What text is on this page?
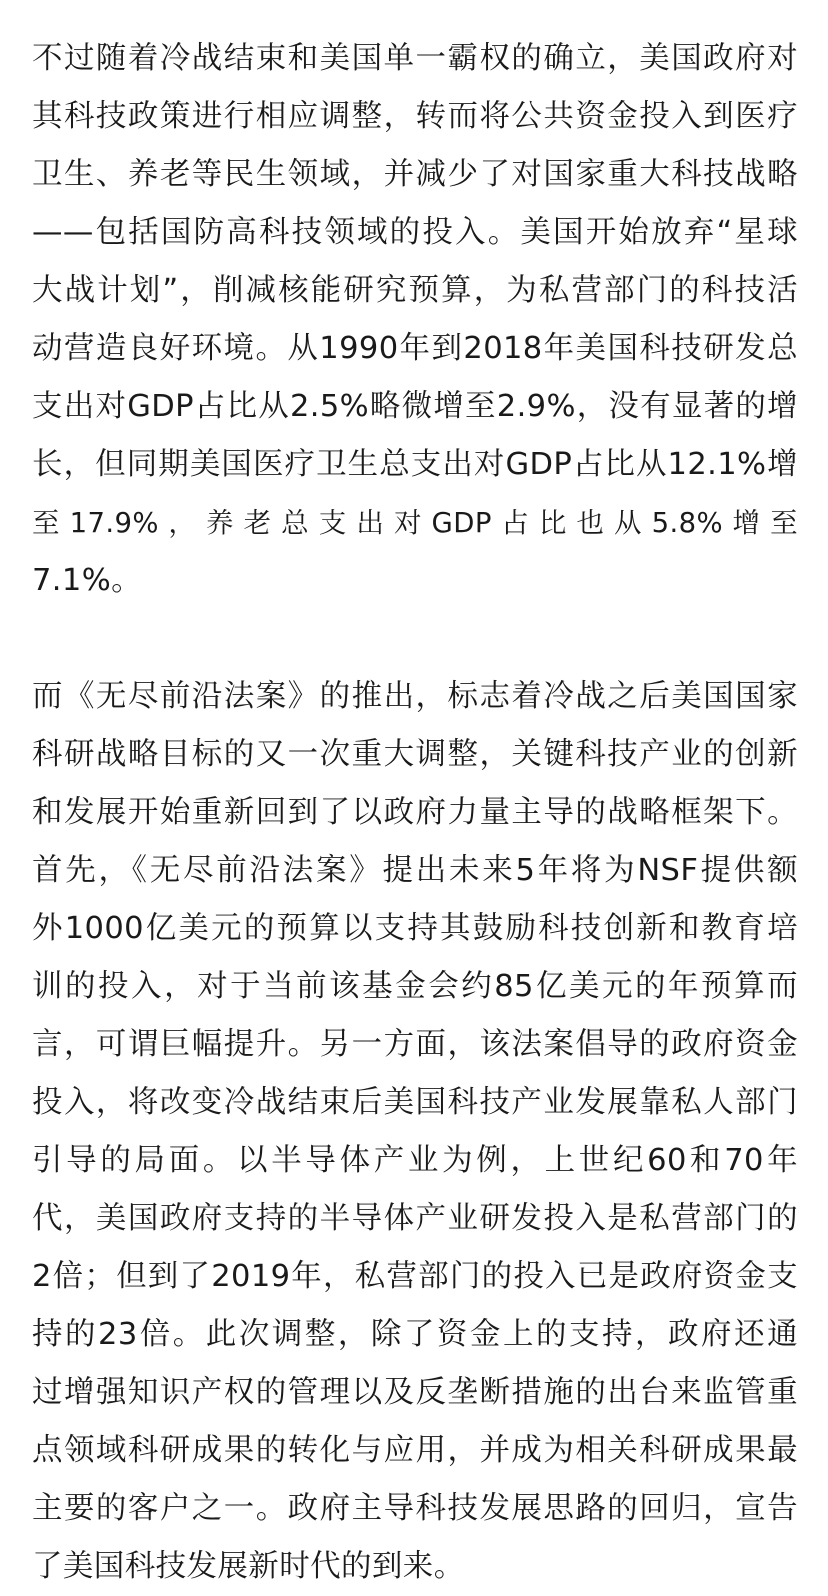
不过随着冷战结束和美国单一霸权的确立，美国政府对
其科技政策进行相应调整，转而将公共资金投入到医疗
卫生、养老等民生领域，并减少了对国家重大科技战略
——包括国防高科技领域的投入。美国开始放弃“星球
大战计划”，削减核能研究预算，为私营部门的科技活
动营造良好环境。从1990年到2018年美国科技研发总
支出对GDP占比从2.5%略微增至2.9%，没有显著的增
长，但同期美国医疗卫生总支出对GDP占比从12.1%增
至 17.9% ， 养 老 总 支 出 对 GDP 占 比 也 从 5.8% 增 至
7.1%。
而《无尽前沿法案》的推出，标志着冷战之后美国国家
科研战略目标的又一次重大调整，关键科技产业的创新
和发展开始重新回到了以政府力量主导的战略框架下。
首先，《无尽前沿法案》提出未来5年将为NSF提供额
外1000亿美元的预算以支持其鼓励科技创新和教育培
训的投入，对于当前该基金会约85亿美元的年预算而
言，可谓巨幅提升。另一方面，该法案倡导的政府资金
投入，将改变冷战结束后美国科技产业发展靠私人部门
引导的局面。以半导体产业为例，上世纪60和70年
代，美国政府支持的半导体产业研发投入是私营部门的
2倍；但到了2019年，私营部门的投入已是政府资金支
持的23倍。此次调整，除了资金上的支持，政府还通
过增强知识产权的管理以及反垄断措施的出台来监管重
点领域科研成果的转化与应用，并成为相关科研成果最
主要的客户之一。政府主导科技发展思路的回归，宣告
了美国科技发展新时代的到来。
